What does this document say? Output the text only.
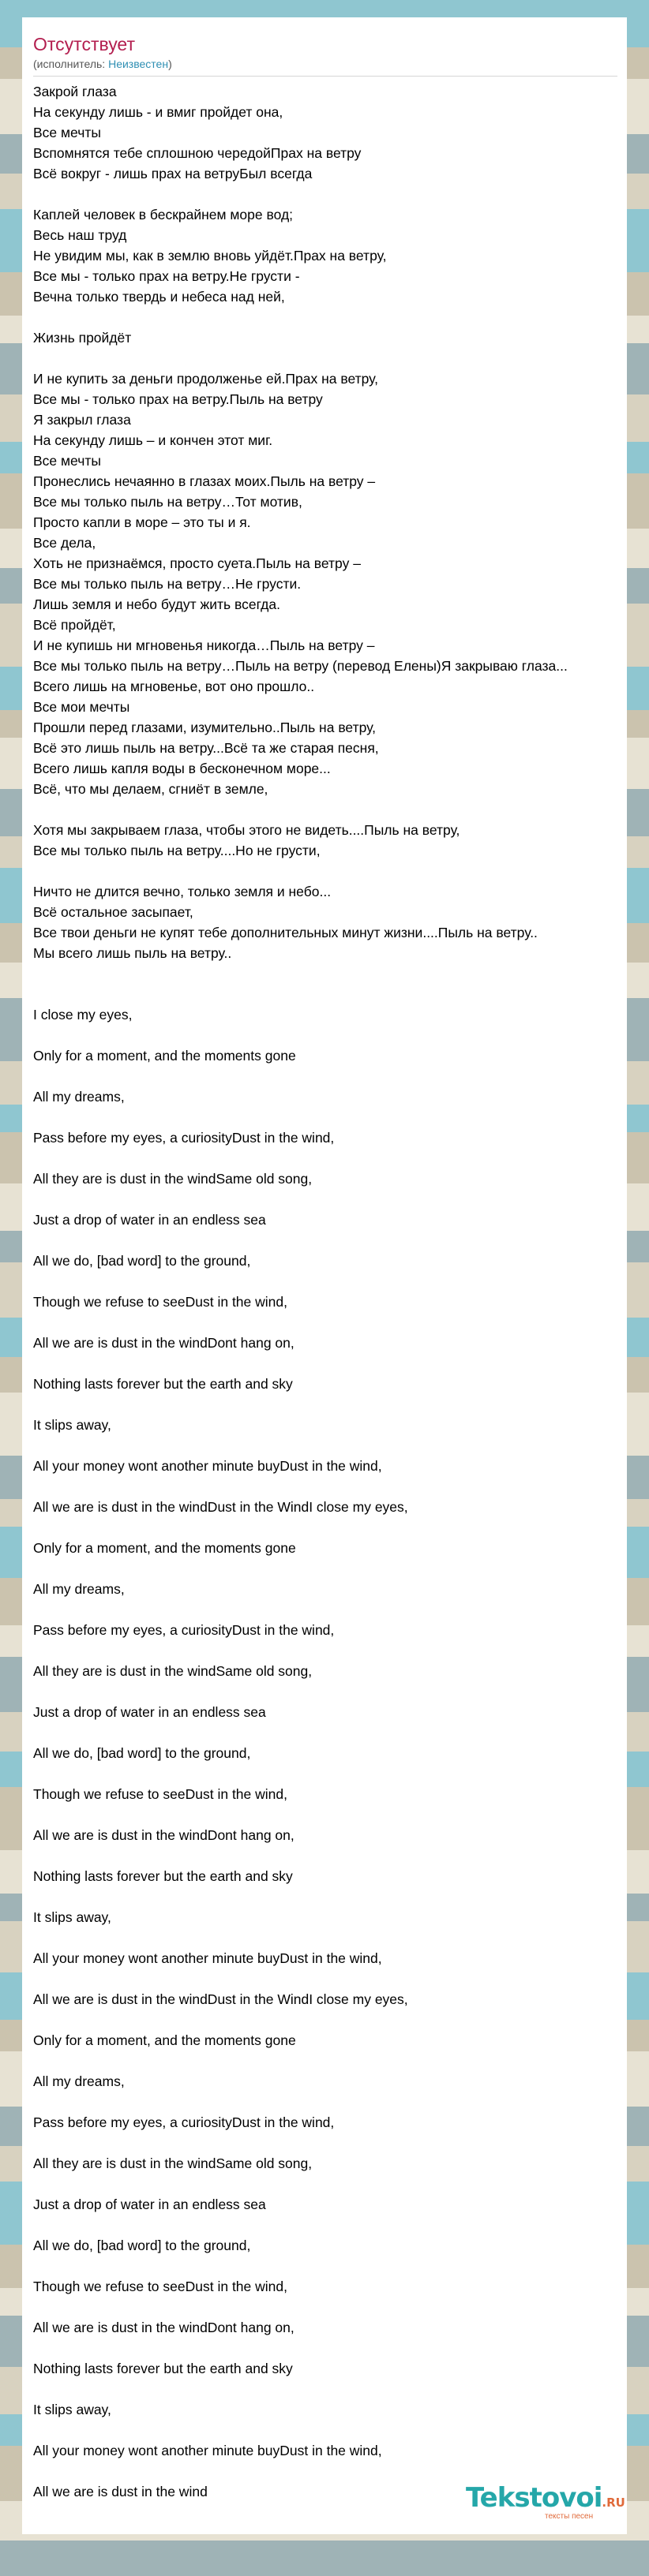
Отсутствует
(исполнитель: Неизвестен)
Закрой глаза
На секунду лишь - и вмиг пройдет она,
Все мечты
Вспомнятся тебе сплошною чередойПрах на ветру
Всё вокруг - лишь прах на ветруБыл всегда
Каплей человек в бескрайнем море вод;
Весь наш труд
Не увидим мы, как в землю вновь уйдёт.Прах на ветру,
Все мы - только прах на ветру.Не грусти -
Вечна только твердь и небеса над ней,
Жизнь пройдёт
И не купить за деньги продолженье ей.Прах на ветру,
Все мы - только прах на ветру.Пыль на ветру
Я закрыл глаза
На секунду лишь – и кончен этот миг.
Все мечты
Пронеслись нечаянно в глазах моих.Пыль на ветру –
Все мы только пыль на ветру…Тот мотив,
Просто капли в море – это ты и я.
Все дела,
Хоть не признаёмся, просто суета.Пыль на ветру –
Все мы только пыль на ветру…Не грусти.
Лишь земля и небо будут жить всегда.
Всё пройдёт,
И не купишь ни мгновенья никогда…Пыль на ветру –
Все мы только пыль на ветру…Пыль на ветру (перевод Елены)Я закрываю глаза...
Всего лишь на мгновенье, вот оно прошло..
Все мои мечты
Прошли перед глазами, изумительно..Пыль на ветру,
Всё это лишь пыль на ветру...Всё та же старая песня,
Всего лишь капля воды в бесконечном море...
Всё, что мы делаем, сгниёт в земле,
Хотя мы закрываем глаза, чтобы этого не видеть....Пыль на ветру,
Все мы только пыль на ветру....Но не грусти,
Ничто не длится вечно, только земля и небо...
Всё остальное засыпает,
Все твои деньги не купят тебе дополнительных минут жизни....Пыль на ветру..
Мы всего лишь пыль на ветру..
I close my eyes,
Only for a moment, and the moments gone
All my dreams,
Pass before my eyes, a curiosityDust in the wind,
All they are is dust in the windSame old song,
Just a drop of water in an endless sea
All we do, [bad word] to the ground,
Though we refuse to seeDust in the wind,
All we are is dust in the windDont hang on,
Nothing lasts forever but the earth and sky
It slips away,
All your money wont another minute buyDust in the wind,
All we are is dust in the windDust in the WindI close my eyes,
Only for a moment, and the moments gone
All my dreams,
Pass before my eyes, a curiosityDust in the wind,
All they are is dust in the windSame old song,
Just a drop of water in an endless sea
All we do, [bad word] to the ground,
Though we refuse to seeDust in the wind,
All we are is dust in the windDont hang on,
Nothing lasts forever but the earth and sky
It slips away,
All your money wont another minute buyDust in the wind,
All we are is dust in the windDust in the WindI close my eyes,
Only for a moment, and the moments gone
All my dreams,
Pass before my eyes, a curiosityDust in the wind,
All they are is dust in the windSame old song,
Just a drop of water in an endless sea
All we do, [bad word] to the ground,
Though we refuse to seeDust in the wind,
All we are is dust in the windDont hang on,
Nothing lasts forever but the earth and sky
It slips away,
All your money wont another minute buyDust in the wind,
All we are is dust in the wind	Tekstovoi.RU
тексты песен
